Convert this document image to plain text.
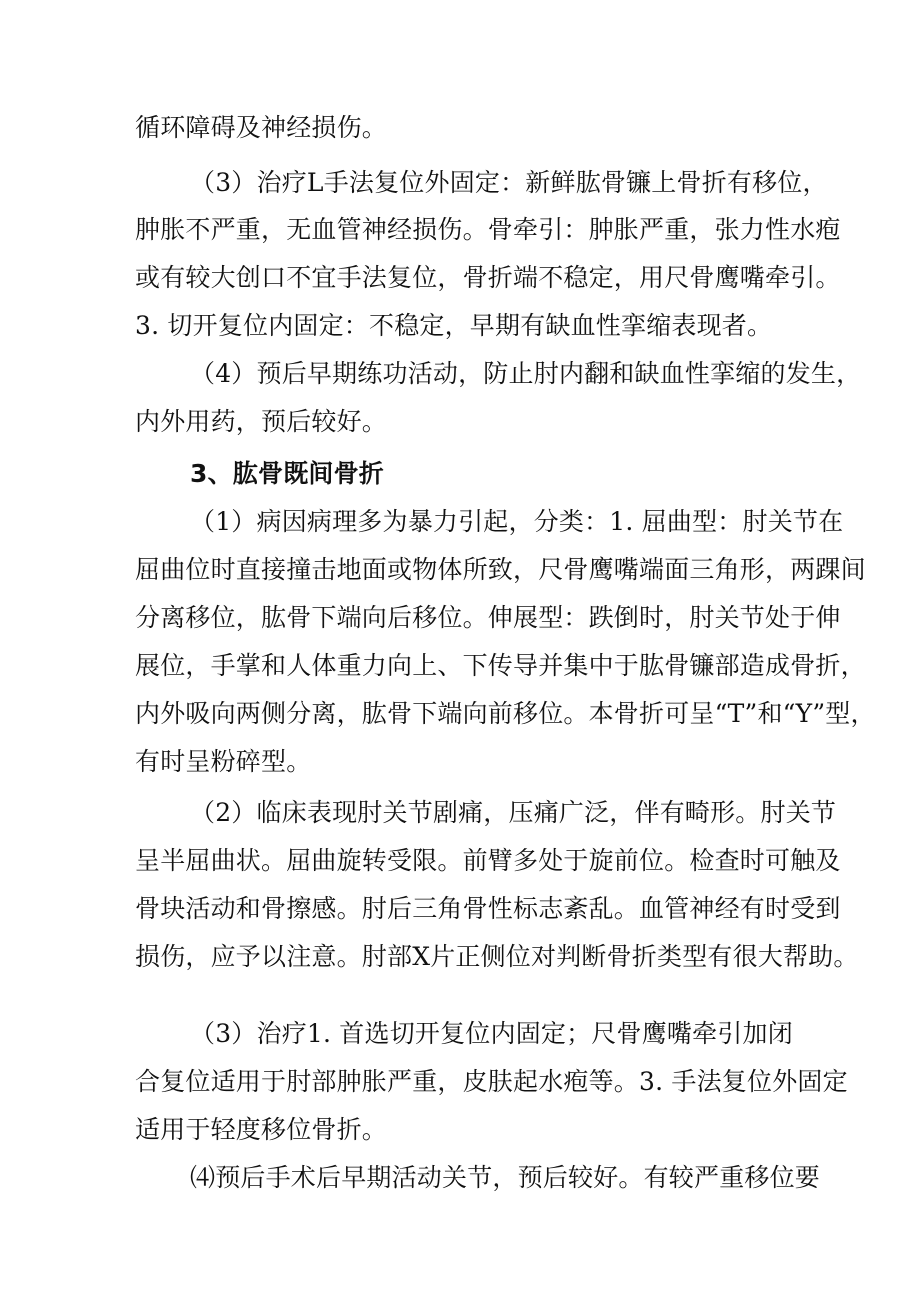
循环障碍及神经损伤。
（3）治疗L手法复位外固定：新鲜肱骨镰上骨折有移位，
肿胀不严重，无血管神经损伤。骨牵引：肿胀严重，张力性水疱
或有较大创口不宜手法复位，骨折端不稳定，用尺骨鹰嘴牵引。
3. 切开复位内固定：不稳定，早期有缺血性挛缩表现者。
（4）预后早期练功活动，防止肘内翻和缺血性挛缩的发生，
内外用药，预后较好。
3、肱骨既间骨折
（1）病因病理多为暴力引起，分类：1. 屈曲型：肘关节在
屈曲位时直接撞击地面或物体所致，尺骨鹰嘴端面三角形，两踝间
分离移位，肱骨下端向后移位。伸展型：跌倒时，肘关节处于伸
展位，手掌和人体重力向上、下传导并集中于肱骨镰部造成骨折，
内外吸向两侧分离，肱骨下端向前移位。本骨折可呈“T”和“Y”型，
有时呈粉碎型。
（2）临床表现肘关节剧痛，压痛广泛，伴有畸形。肘关节
呈半屈曲状。屈曲旋转受限。前臂多处于旋前位。检查时可触及
骨块活动和骨擦感。肘后三角骨性标志紊乱。血管神经有时受到
损伤，应予以注意。肘部X片正侧位对判断骨折类型有很大帮助。
（3）治疗1. 首选切开复位内固定；尺骨鹰嘴牵引加闭
合复位适用于肘部肿胀严重，皮肤起水疱等。3. 手法复位外固定
适用于轻度移位骨折。
⑷预后手术后早期活动关节，预后较好。有较严重移位要
